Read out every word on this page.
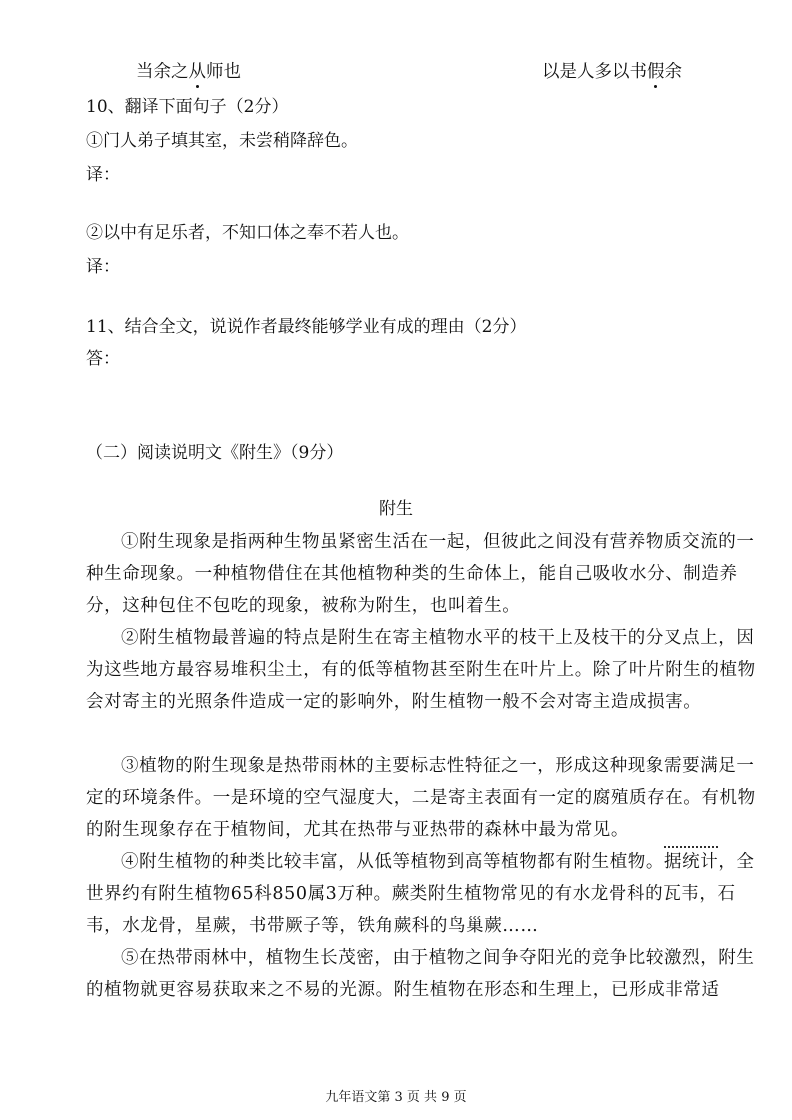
当余之从师也	以是人多以书假余
10、翻译下面句子（2分）
①门人弟子填其室，未尝稍降辞色。
译：
②以中有足乐者，不知口体之奉不若人也。
译：
11、结合全文，说说作者最终能够学业有成的理由（2分）
答：
（二）阅读说明文《附生》（9分）
附生

①附生现象是指两种生物虽紧密生活在一起，但彼此之间没有营养物质交流的一种生命现象。一种植物借住在其他植物种类的生命体上，能自己吸收水分、制造养分，这种包住不包吃的现象，被称为附生，也叫着生。

②附生植物最普遍的特点是附生在寄主植物水平的枝干上及枝干的分叉点上，因为这些地方最容易堆积尘土，有的低等植物甚至附生在叶片上。除了叶片附生的植物会对寄主的光照条件造成一定的影响外，附生植物一般不会对寄主造成损害。

③植物的附生现象是热带雨林的主要标志性特征之一，形成这种现象需要满足一定的环境条件。一是环境的空气湿度大，二是寄主表面有一定的腐殖质存在。有机物的附生现象存在于植物间，尤其在热带与亚热带的森林中最为常见。

④附生植物的种类比较丰富，从低等植物到高等植物都有附生植物。据统计，全世界约有附生植物65科850属3万种。蕨类附生植物常见的有水龙骨科的瓦韦，石韦，水龙骨，星蕨，书带厥子等，铁角蕨科的鸟巢蕨……

⑤在热带雨林中，植物生长茂密，由于植物之间争夺阳光的竞争比较激烈，附生的植物就更容易获取来之不易的光源。附生植物在形态和生理上，已形成非常适

九年语文第 3 页 共 9 页
